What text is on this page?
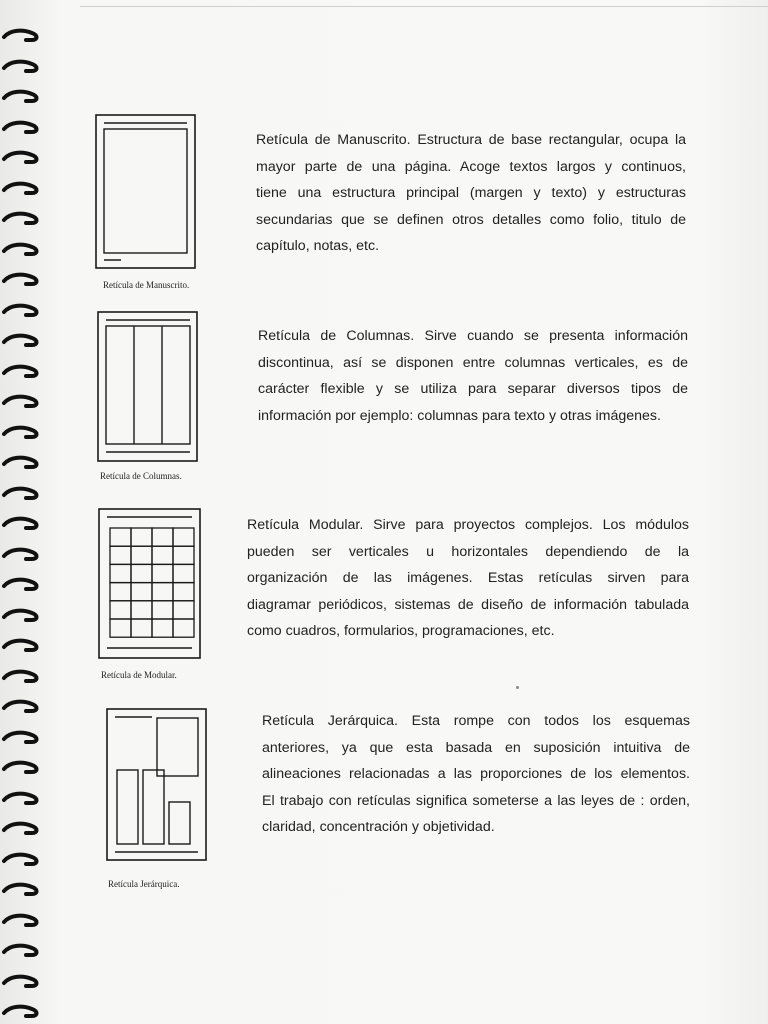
Retícula de Manuscrito.
Retícula de Manuscrito. Estructura de base rectangular, ocupa la
mayor parte de una página. Acoge textos largos y continuos,
tiene una estructura principal (margen y texto) y estructuras
secundarias que se definen otros detalles como folio, titulo de
capítulo, notas, etc.
Retícula de Columnas.
Retícula de Columnas. Sirve cuando se presenta información
discontinua, así se disponen entre columnas verticales, es de
carácter flexible y se utiliza para separar diversos tipos de
información por ejemplo: columnas para texto y otras imágenes.
Retícula de Modular.
Retícula Modular. Sirve para proyectos complejos. Los módulos
pueden ser verticales u horizontales dependiendo de la
organización de las imágenes. Estas retículas sirven para
diagramar periódicos, sistemas de diseño de información tabulada
como cuadros, formularios, programaciones, etc.
Retícula Jerárquica.
Retícula Jerárquica. Esta rompe con todos los esquemas
anteriores, ya que esta basada en suposición intuitiva de
alineaciones relacionadas a las proporciones de los elementos.
El trabajo con retículas significa someterse a las leyes de : orden,
claridad, concentración y objetividad.
